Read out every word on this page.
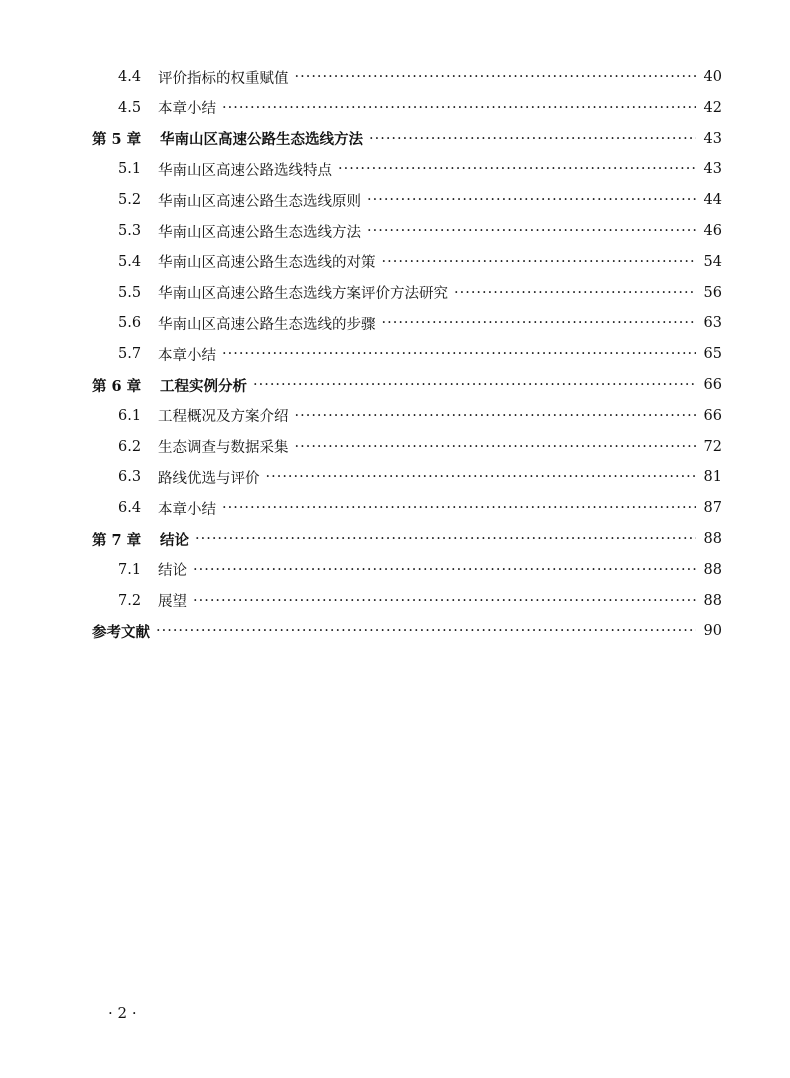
4.4	评价指标的权重赋值 ·····	40
4.5	本章小结 ·····	42
第 5 章	华南山区高速公路生态选线方法 ·····	43
5.1	华南山区高速公路选线特点 ·····	43
5.2	华南山区高速公路生态选线原则 ·····	44
5.3	华南山区高速公路生态选线方法 ·····	46
5.4	华南山区高速公路生态选线的对策 ·····	54
5.5	华南山区高速公路生态选线方案评价方法研究 ·····	56
5.6	华南山区高速公路生态选线的步骤 ·····	63
5.7	本章小结 ·····	65
第 6 章	工程实例分析 ·····	66
6.1	工程概况及方案介绍 ·····	66
6.2	生态调查与数据采集 ·····	72
6.3	路线优选与评价 ·····	81
6.4	本章小结 ·····	87
第 7 章	结论 ·····	88
7.1	结论 ·····	88
7.2	展望 ·····	88
参考文献 ·····	90
· 2 ·
